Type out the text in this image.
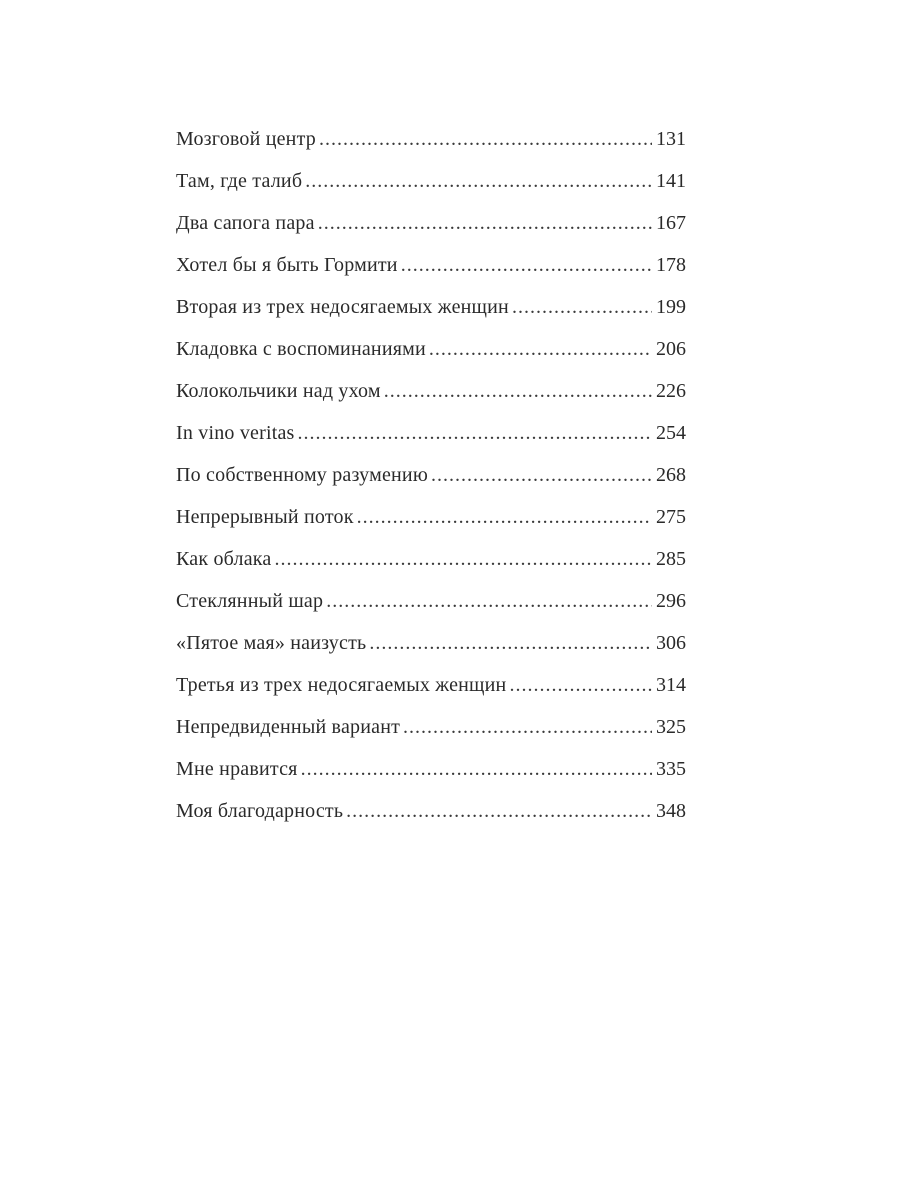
Мозговой центр .....	131
Там, где талиб .....	141
Два сапога пара .....	167
Хотел бы я быть Гормити .....	178
Вторая из трех недосягаемых женщин .....	199
Кладовка с воспоминаниями .....	206
Колокольчики над ухом .....	226
In vino veritas .....	254
По собственному разумению .....	268
Непрерывный поток .....	275
Как облака .....	285
Стеклянный шар .....	296
«Пятое мая» наизусть .....	306
Третья из трех недосягаемых женщин .....	314
Непредвиденный вариант .....	325
Мне нравится .....	335
Моя благодарность .....	348
